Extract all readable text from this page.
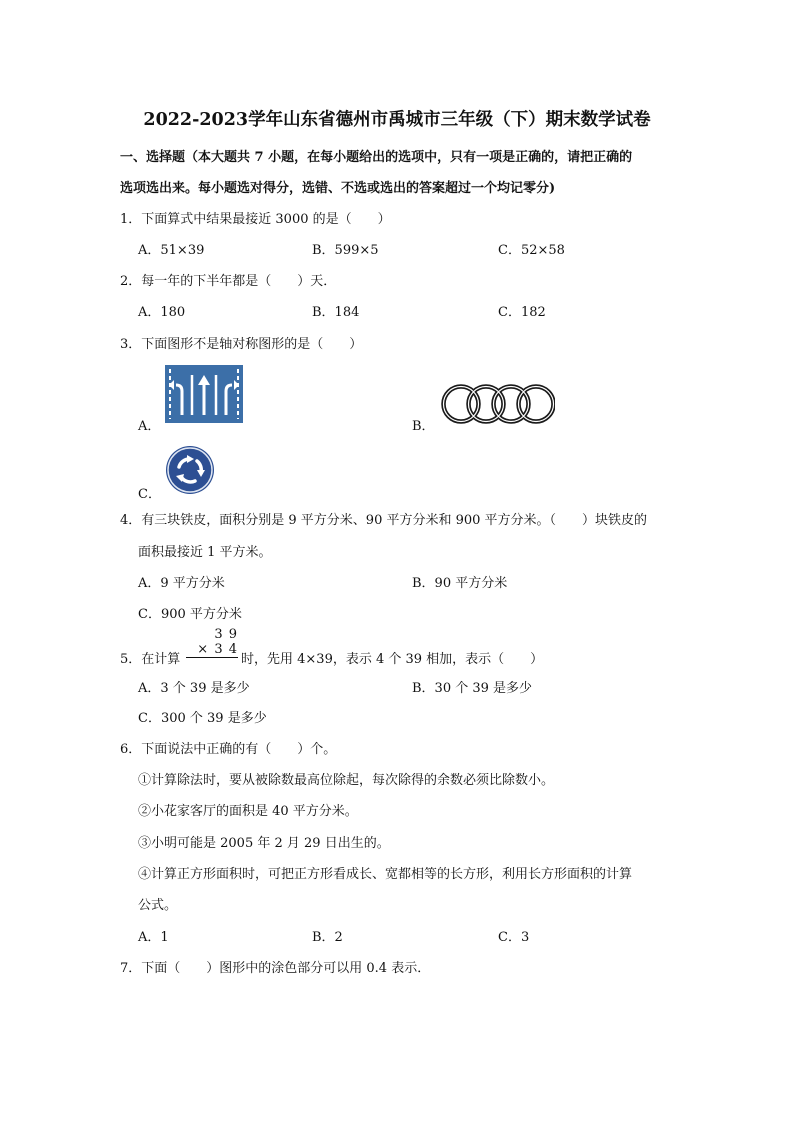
2022-2023学年山东省德州市禹城市三年级（下）期末数学试卷
一、选择题（本大题共 7 小题，在每小题给出的选项中，只有一项是正确的，请把正确的
选项选出来。每小题选对得分，选错、不选或选出的答案超过一个均记零分)
1．下面算式中结果最接近 3000 的是（　　）
A．51×39	B．599×5	C．52×58
2．每一年的下半年都是（　　）天．
A．180	B．184	C．182
3．下面图形不是轴对称图形的是（　　）
A．	B．
C．
4．有三块铁皮，面积分别是 9 平方分米、90 平方分米和 900 平方分米。（　　）块铁皮的
面积最接近 1 平方米。
A．9 平方分米	B．90 平方分米
C．900 平方分米
5．在计算
3 9
× 3 4
时，先用 4×39，表示 4 个 39 相加，表示（　　）
A．3 个 39 是多少	B．30 个 39 是多少
C．300 个 39 是多少
6．下面说法中正确的有（　　）个。
①计算除法时，要从被除数最高位除起，每次除得的余数必须比除数小。
②小花家客厅的面积是 40 平方分米。
③小明可能是 2005 年 2 月 29 日出生的。
④计算正方形面积时，可把正方形看成长、宽都相等的长方形，利用长方形面积的计算
公式。
A．1	B．2	C．3
7．下面（　　）图形中的涂色部分可以用 0.4 表示．
